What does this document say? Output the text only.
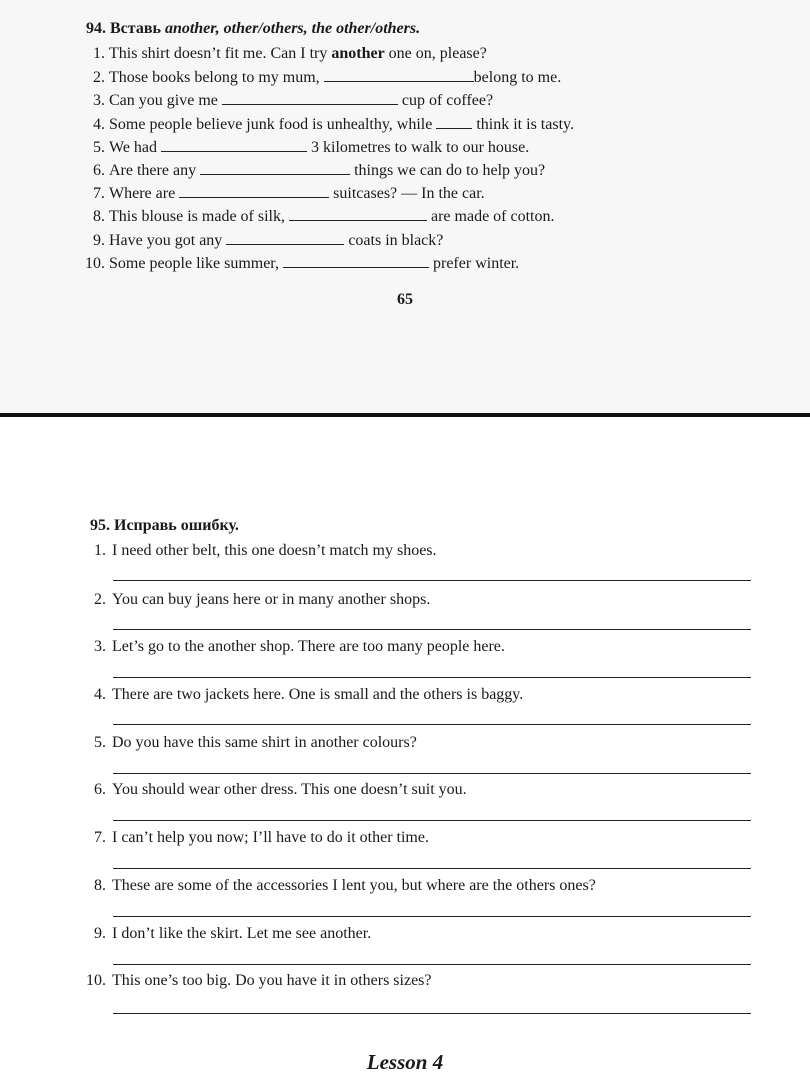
94. Вставь another, other/others, the other/others.
1. This shirt doesn’t fit me. Can I try another one on, please?
2. Those books belong to my mum,	belong to me.
3. Can you give me	cup of coffee?
4. Some people believe junk food is unhealthy, while  think it is tasty.
5. We had	3 kilometres to walk to our house.
6. Are there any	things we can do to help you?
7. Where are	suitcases? — In the car.
8. This blouse is made of silk,	are made of cotton.
9. Have you got any	coats in black?
10. Some people like summer,	prefer winter.
65
95. Исправь ошибку.
1. I need other belt, this one doesn’t match my shoes.
2. You can buy jeans here or in many another shops.
3. Let’s go to the another shop. There are too many people here.
4. There are two jackets here. One is small and the others is baggy.
5. Do you have this same shirt in another colours?
6. You should wear other dress. This one doesn’t suit you.
7. I can’t help you now; I’ll have to do it other time.
8. These are some of the accessories I lent you, but where are the others ones?
9. I don’t like the skirt. Let me see another.
10. This one’s too big. Do you have it in others sizes?
Lesson 4
